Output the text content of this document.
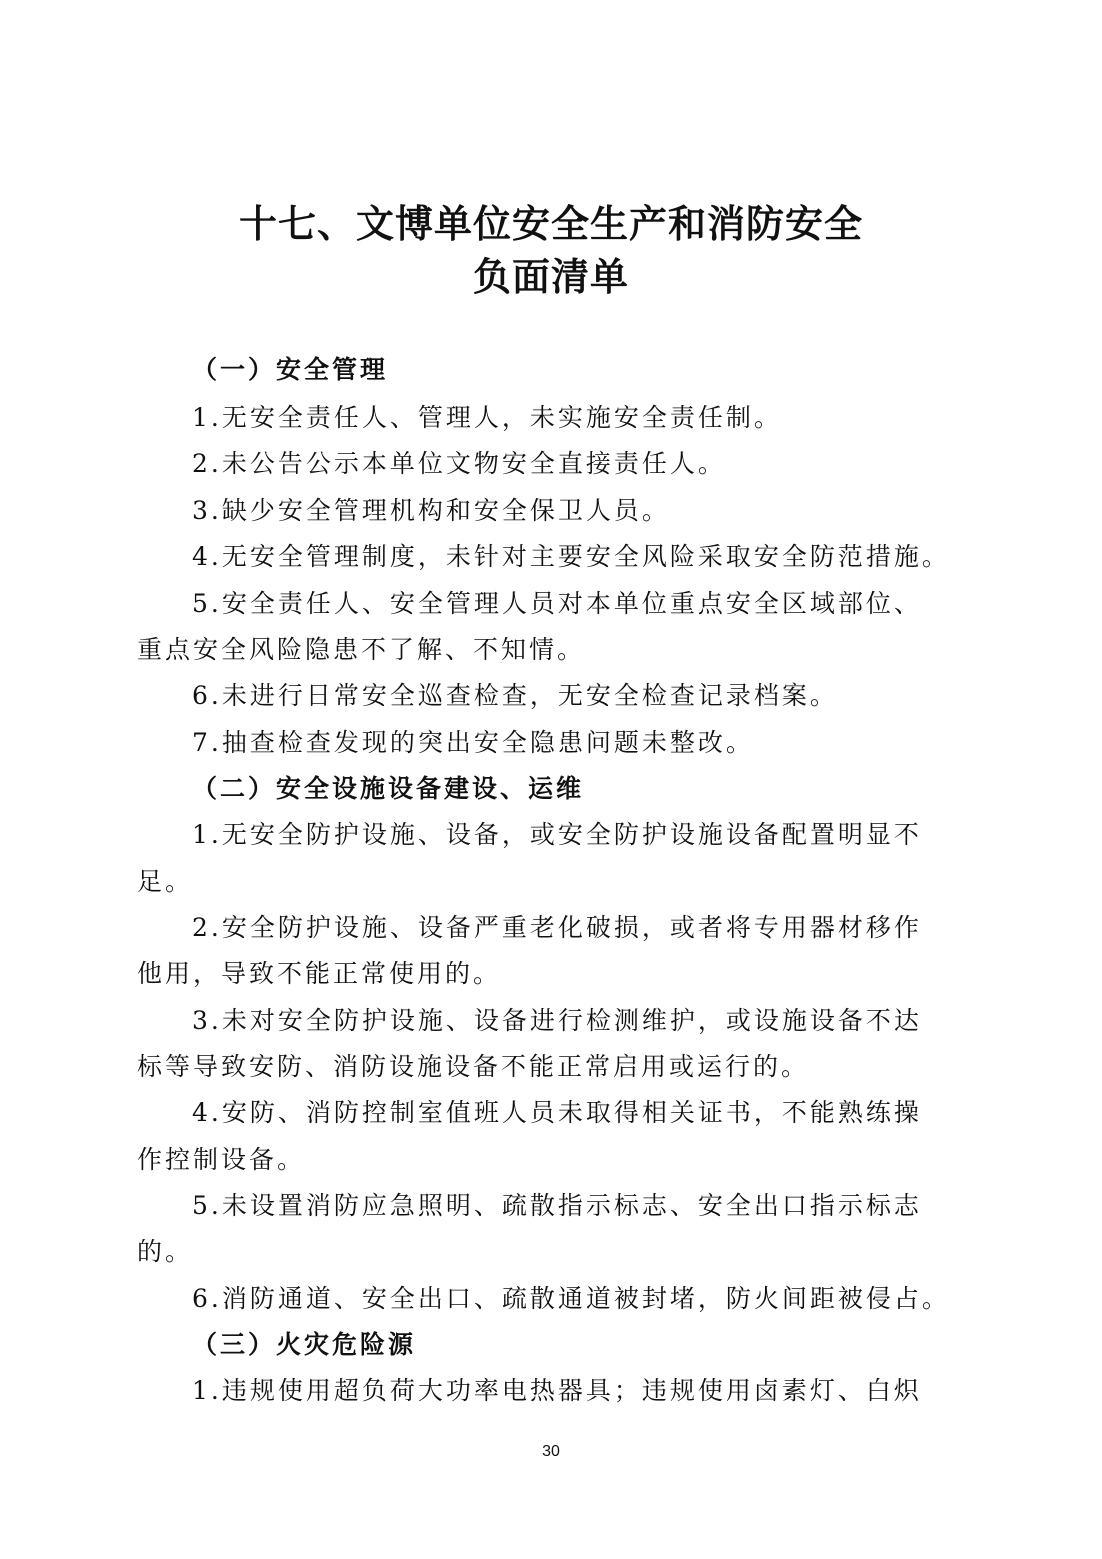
十七、文博单位安全生产和消防安全
负面清单
（一）安全管理
1.无安全责任人、管理人，未实施安全责任制。
2.未公告公示本单位文物安全直接责任人。
3.缺少安全管理机构和安全保卫人员。
4.无安全管理制度，未针对主要安全风险采取安全防范措施。
5.安全责任人、安全管理人员对本单位重点安全区域部位、
重点安全风险隐患不了解、不知情。
6.未进行日常安全巡查检查，无安全检查记录档案。
7.抽查检查发现的突出安全隐患问题未整改。
（二）安全设施设备建设、运维
1.无安全防护设施、设备，或安全防护设施设备配置明显不
足。
2.安全防护设施、设备严重老化破损，或者将专用器材移作
他用，导致不能正常使用的。
3.未对安全防护设施、设备进行检测维护，或设施设备不达
标等导致安防、消防设施设备不能正常启用或运行的。
4.安防、消防控制室值班人员未取得相关证书，不能熟练操
作控制设备。
5.未设置消防应急照明、疏散指示标志、安全出口指示标志
的。
6.消防通道、安全出口、疏散通道被封堵，防火间距被侵占。
（三）火灾危险源
1.违规使用超负荷大功率电热器具；违规使用卤素灯、白炽
30
